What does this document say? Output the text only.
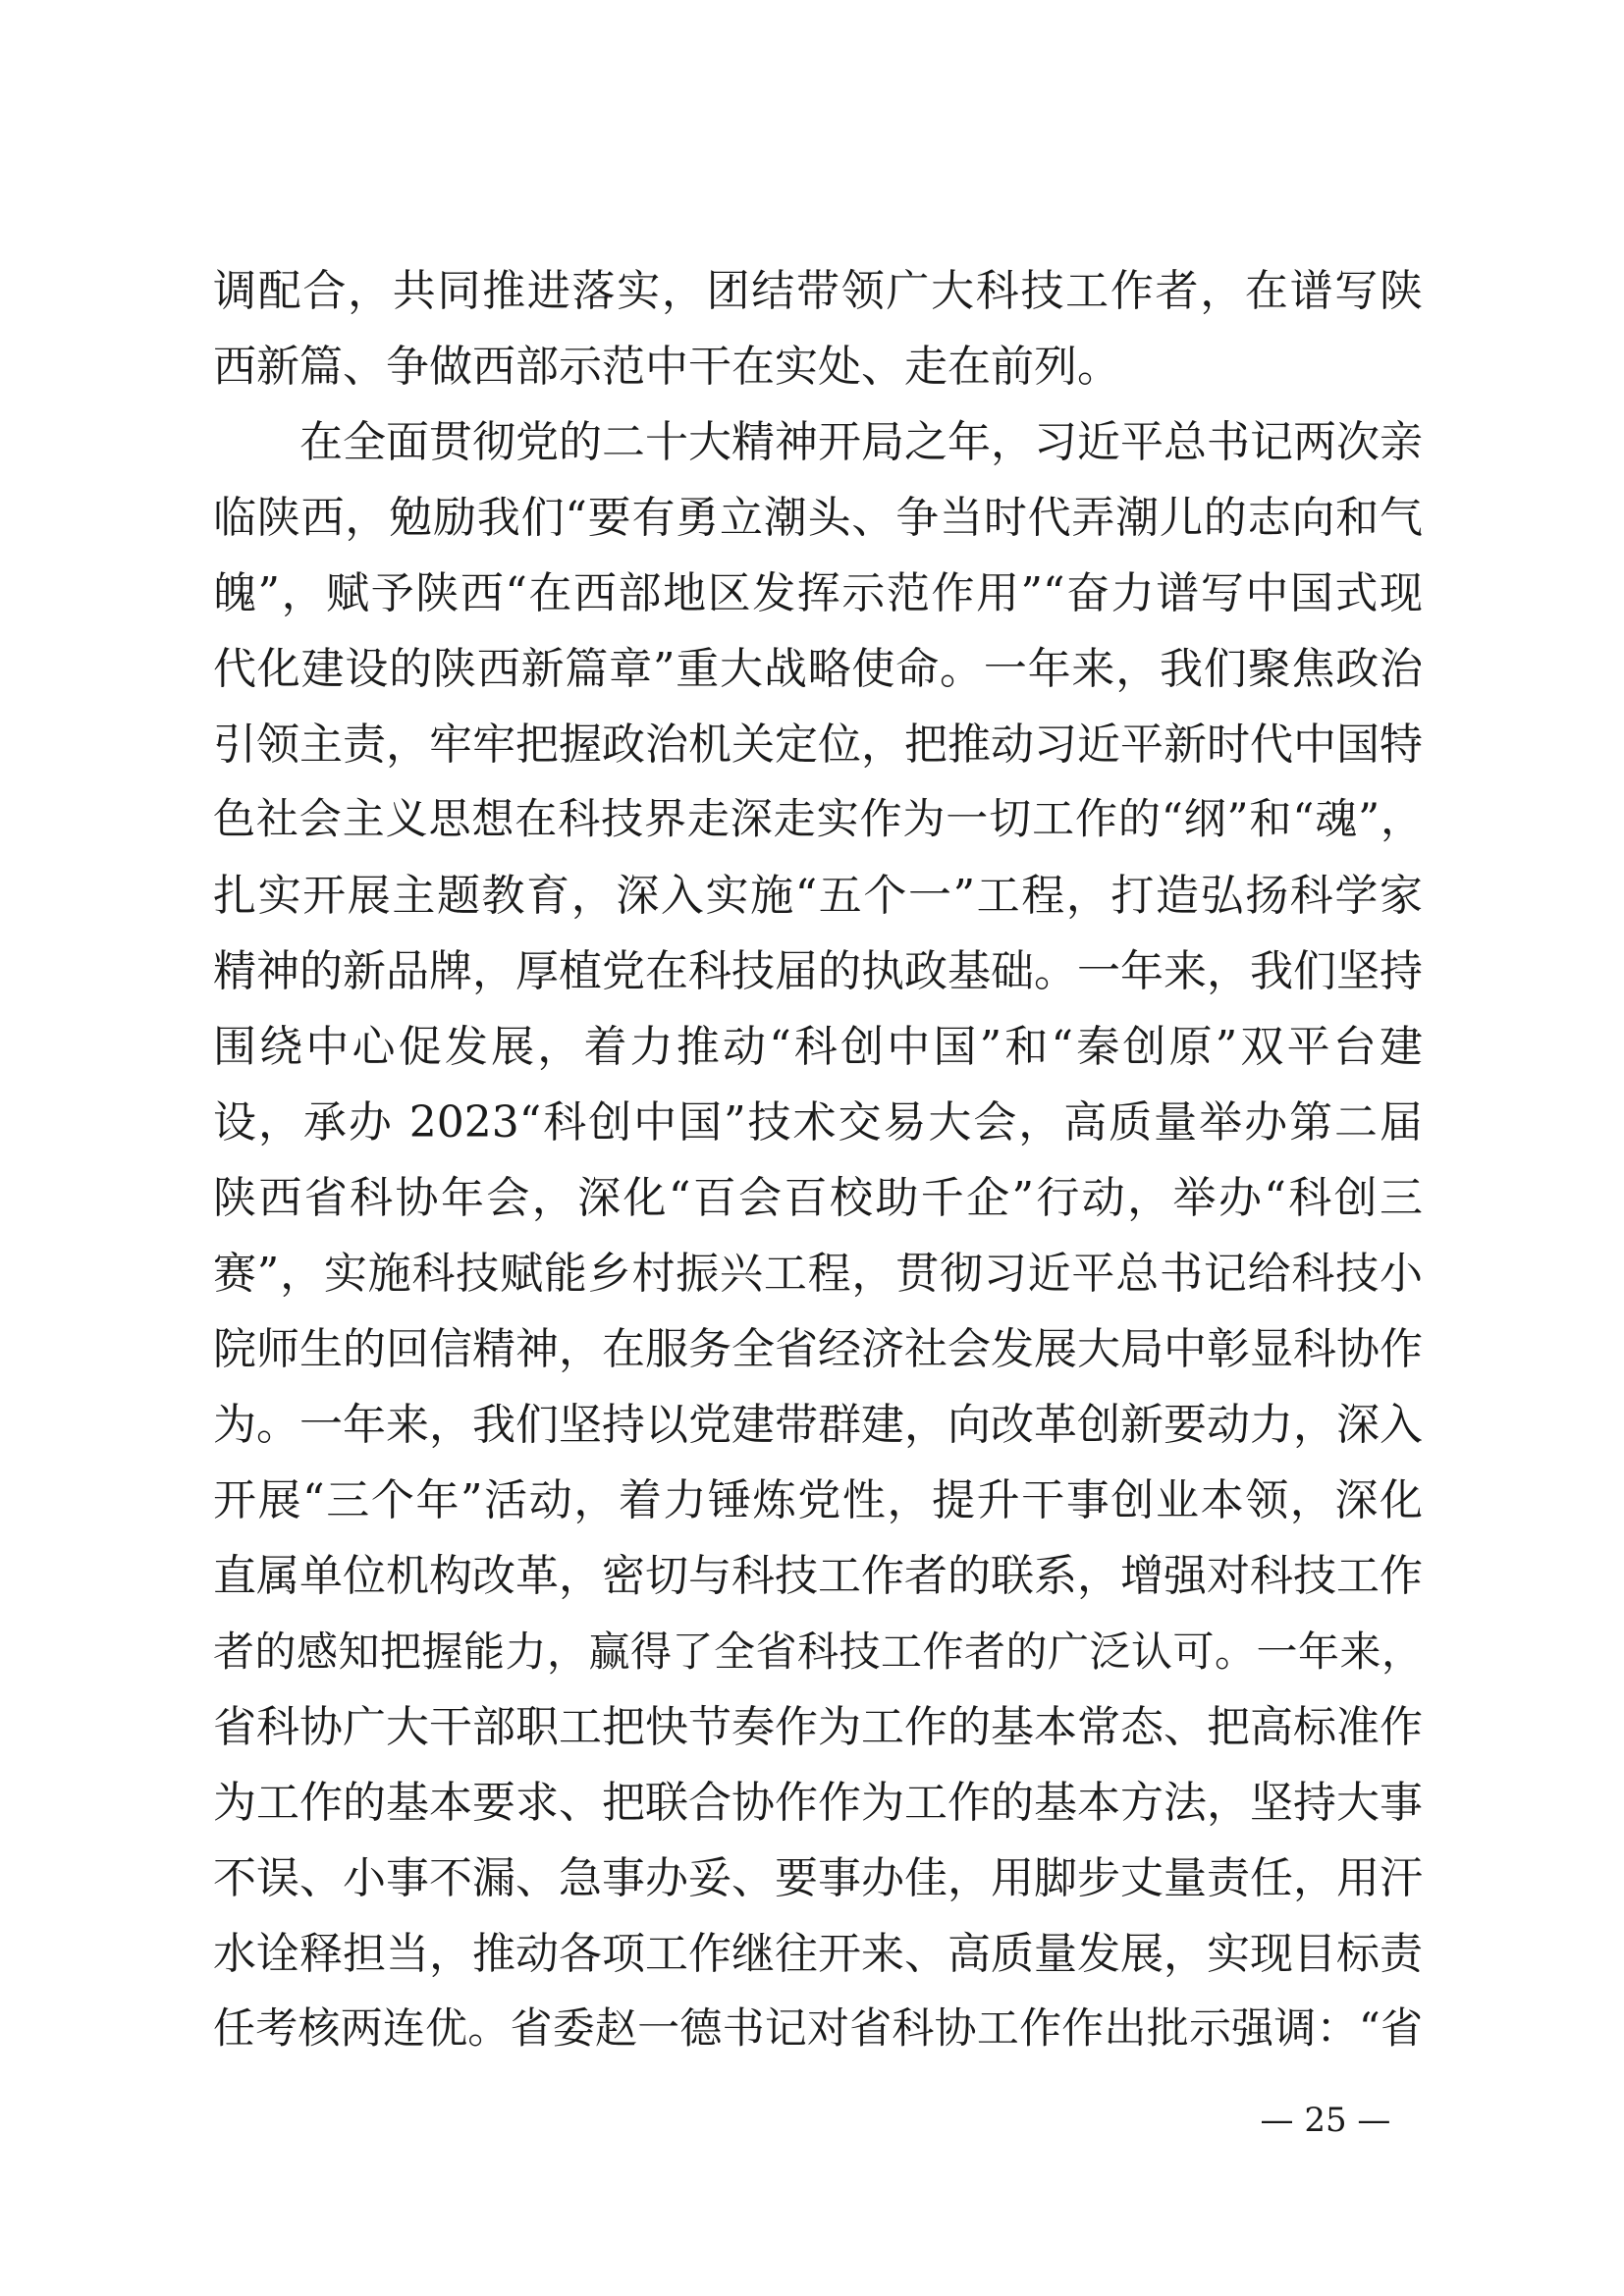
调配合，共同推进落实，团结带领广大科技工作者，在谱写陕
西新篇、争做西部示范中干在实处、走在前列。
在全面贯彻党的二十大精神开局之年，习近平总书记两次亲
临陕西，勉励我们“要有勇立潮头、争当时代弄潮儿的志向和气
魄”，赋予陕西“在西部地区发挥示范作用”“奋力谱写中国式现
代化建设的陕西新篇章”重大战略使命。一年来，我们聚焦政治
引领主责，牢牢把握政治机关定位，把推动习近平新时代中国特
色社会主义思想在科技界走深走实作为一切工作的“纲”和“魂”，
扎实开展主题教育，深入实施“五个一”工程，打造弘扬科学家
精神的新品牌，厚植党在科技届的执政基础。一年来，我们坚持
围绕中心促发展，着力推动“科创中国”和“秦创原”双平台建
设，承办 2023“科创中国”技术交易大会，高质量举办第二届
陕西省科协年会，深化“百会百校助千企”行动，举办“科创三
赛”，实施科技赋能乡村振兴工程，贯彻习近平总书记给科技小
院师生的回信精神，在服务全省经济社会发展大局中彰显科协作
为。一年来，我们坚持以党建带群建，向改革创新要动力，深入
开展“三个年”活动，着力锤炼党性，提升干事创业本领，深化
直属单位机构改革，密切与科技工作者的联系，增强对科技工作
者的感知把握能力，赢得了全省科技工作者的广泛认可。一年来，
省科协广大干部职工把快节奏作为工作的基本常态、把高标准作
为工作的基本要求、把联合协作作为工作的基本方法，坚持大事
不误、小事不漏、急事办妥、要事办佳，用脚步丈量责任，用汗
水诠释担当，推动各项工作继往开来、高质量发展，实现目标责
任考核两连优。省委赵一德书记对省科协工作作出批示强调：“省
— 25 —
